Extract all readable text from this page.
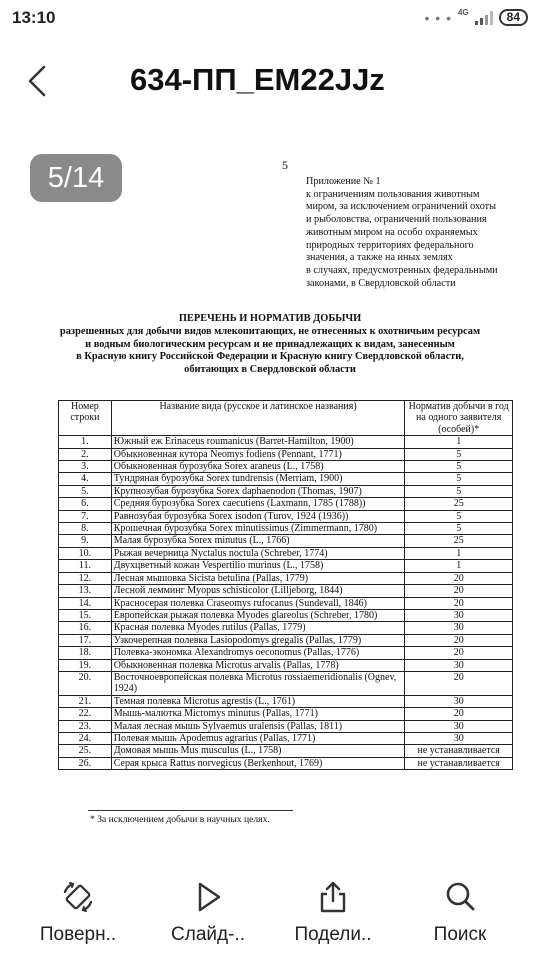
13:10	• • • 4G	84
634-ПП_EM22JJz
5
Приложение № 1
к ограничениям пользования животным
миром, за исключением ограничений охоты
и рыболовства, ограничений пользования
животным миром на особо охраняемых
природных территориях федерального
значения, а также на иных землях
в случаях, предусмотренных федеральными
законами, в Свердловской области
ПЕРЕЧЕНЬ И НОРМАТИВ ДОБЫЧИ
разрешенных для добычи видов млекопитающих, не отнесенных к охотничьим ресурсам
и водным биологическим ресурсам и не принадлежащих к видам, занесенным
в Красную книгу Российской Федерации и Красную книгу Свердловской области,
обитающих в Свердловской области
Номер строки	Название вида (русское и латинское названия)	Норматив добычи в год на одного заявителя (особей)*
1.	Южный еж Erinaceus roumanicus (Barret-Hamilton, 1900)	1
2.	Обыкновенная кутора Neomys fodiens (Pennant, 1771)	5
3.	Обыкновенная бурозубка Sorex araneus (L., 1758)	5
4.	Тундряная бурозубка Sorex tundrensis (Merriam, 1900)	5
5.	Крупнозубая бурозубка Sorex daphaenodon (Thomas, 1907)	5
6.	Средняя бурозубка Sorex caecutiens (Laxmann, 1785 (1788))	25
7.	Равнозубая бурозубка Sorex isodon (Turov, 1924 (1936))	5
8.	Крошечная бурозубка Sorex minutissimus (Zimmermann, 1780)	5
9.	Малая бурозубка Sorex minutus (L., 1766)	25
10.	Рыжая вечерница Nyctalus noctula (Schreber, 1774)	1
11.	Двухцветный кожан Vespertilio murinus (L., 1758)	1
12.	Лесная мышовка Sicista betulina (Pallas, 1779)	20
13.	Лесной лемминг Myopus schisticolor (Lilljeborg, 1844)	20
14.	Красносерая полевка Craseomys rufocanus (Sundevall, 1846)	20
15.	Европейская рыжая полевка Myodes glareolus (Schreber, 1780)	30
16.	Красная полевка Myodes rutilus (Pallas, 1779)	30
17.	Узкочерепная полевка Lasiopodomys gregalis (Pallas, 1779)	20
18.	Полевка-экономка Alexandromys oeconomus (Pallas, 1776)	20
19.	Обыкновенная полевка Microtus arvalis (Pallas, 1778)	30
20.	Восточноевропейская полевка Microtus rossiaemeridionalis (Ognev, 1924)	20
21.	Темная полевка Microtus agrestis (L., 1761)	30
22.	Мышь-малютка Micromys minutus (Pallas, 1771)	20
23.	Малая лесная мышь Sylvaemus uralensis (Pallas, 1811)	30
24.	Полевая мышь Apodemus agrarius (Pallas, 1771)	30
25.	Домовая мышь Mus musculus (L., 1758)	не устанавливается
26.	Серая крыса Rattus norvegicus (Berkenhout, 1769)	не устанавливается
* За исключением добычи в научных целях.
5/14
Поверн..	Слайд-..	Подели..	Поиск
